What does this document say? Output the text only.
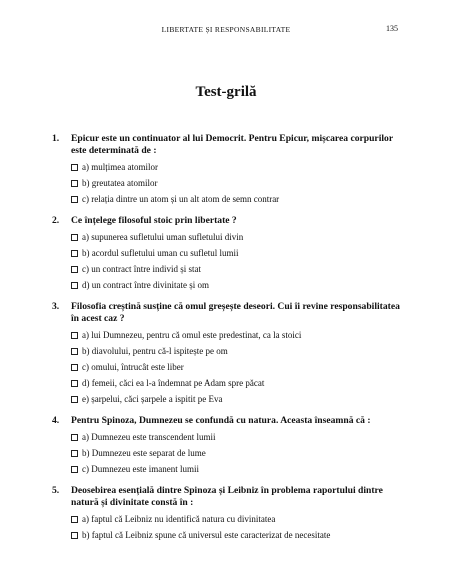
LIBERTATE ȘI RESPONSABILITATE	135
Test-grilă
1.	Epicur este un continuator al lui Democrit. Pentru Epicur, mișcarea corpurilor este determinată de :
a) mulțimea atomilor
b) greutatea atomilor
c) relația dintre un atom și un alt atom de semn contrar
2.	Ce înțelege filosoful stoic prin libertate ?
a) supunerea sufletului uman sufletului divin
b) acordul sufletului uman cu sufletul lumii
c) un contract între individ și stat
d) un contract între divinitate și om
3.	Filosofia creștină susține că omul greșește deseori. Cui îi revine responsabilitatea în acest caz ?
a) lui Dumnezeu, pentru că omul este predestinat, ca la stoici
b) diavolului, pentru că-l ispitește pe om
c) omului, întrucât este liber
d) femeii, căci ea l-a îndemnat pe Adam spre păcat
e) șarpelui, căci șarpele a ispitit pe Eva
4.	Pentru Spinoza, Dumnezeu se confundă cu natura. Aceasta înseamnă că :
a) Dumnezeu este transcendent lumii
b) Dumnezeu este separat de lume
c) Dumnezeu este imanent lumii
5.	Deosebirea esențială dintre Spinoza și Leibniz în problema raportului dintre natură și divinitate constă în :
a) faptul că Leibniz nu identifică natura cu divinitatea
b) faptul că Leibniz spune că universul este caracterizat de necesitate
